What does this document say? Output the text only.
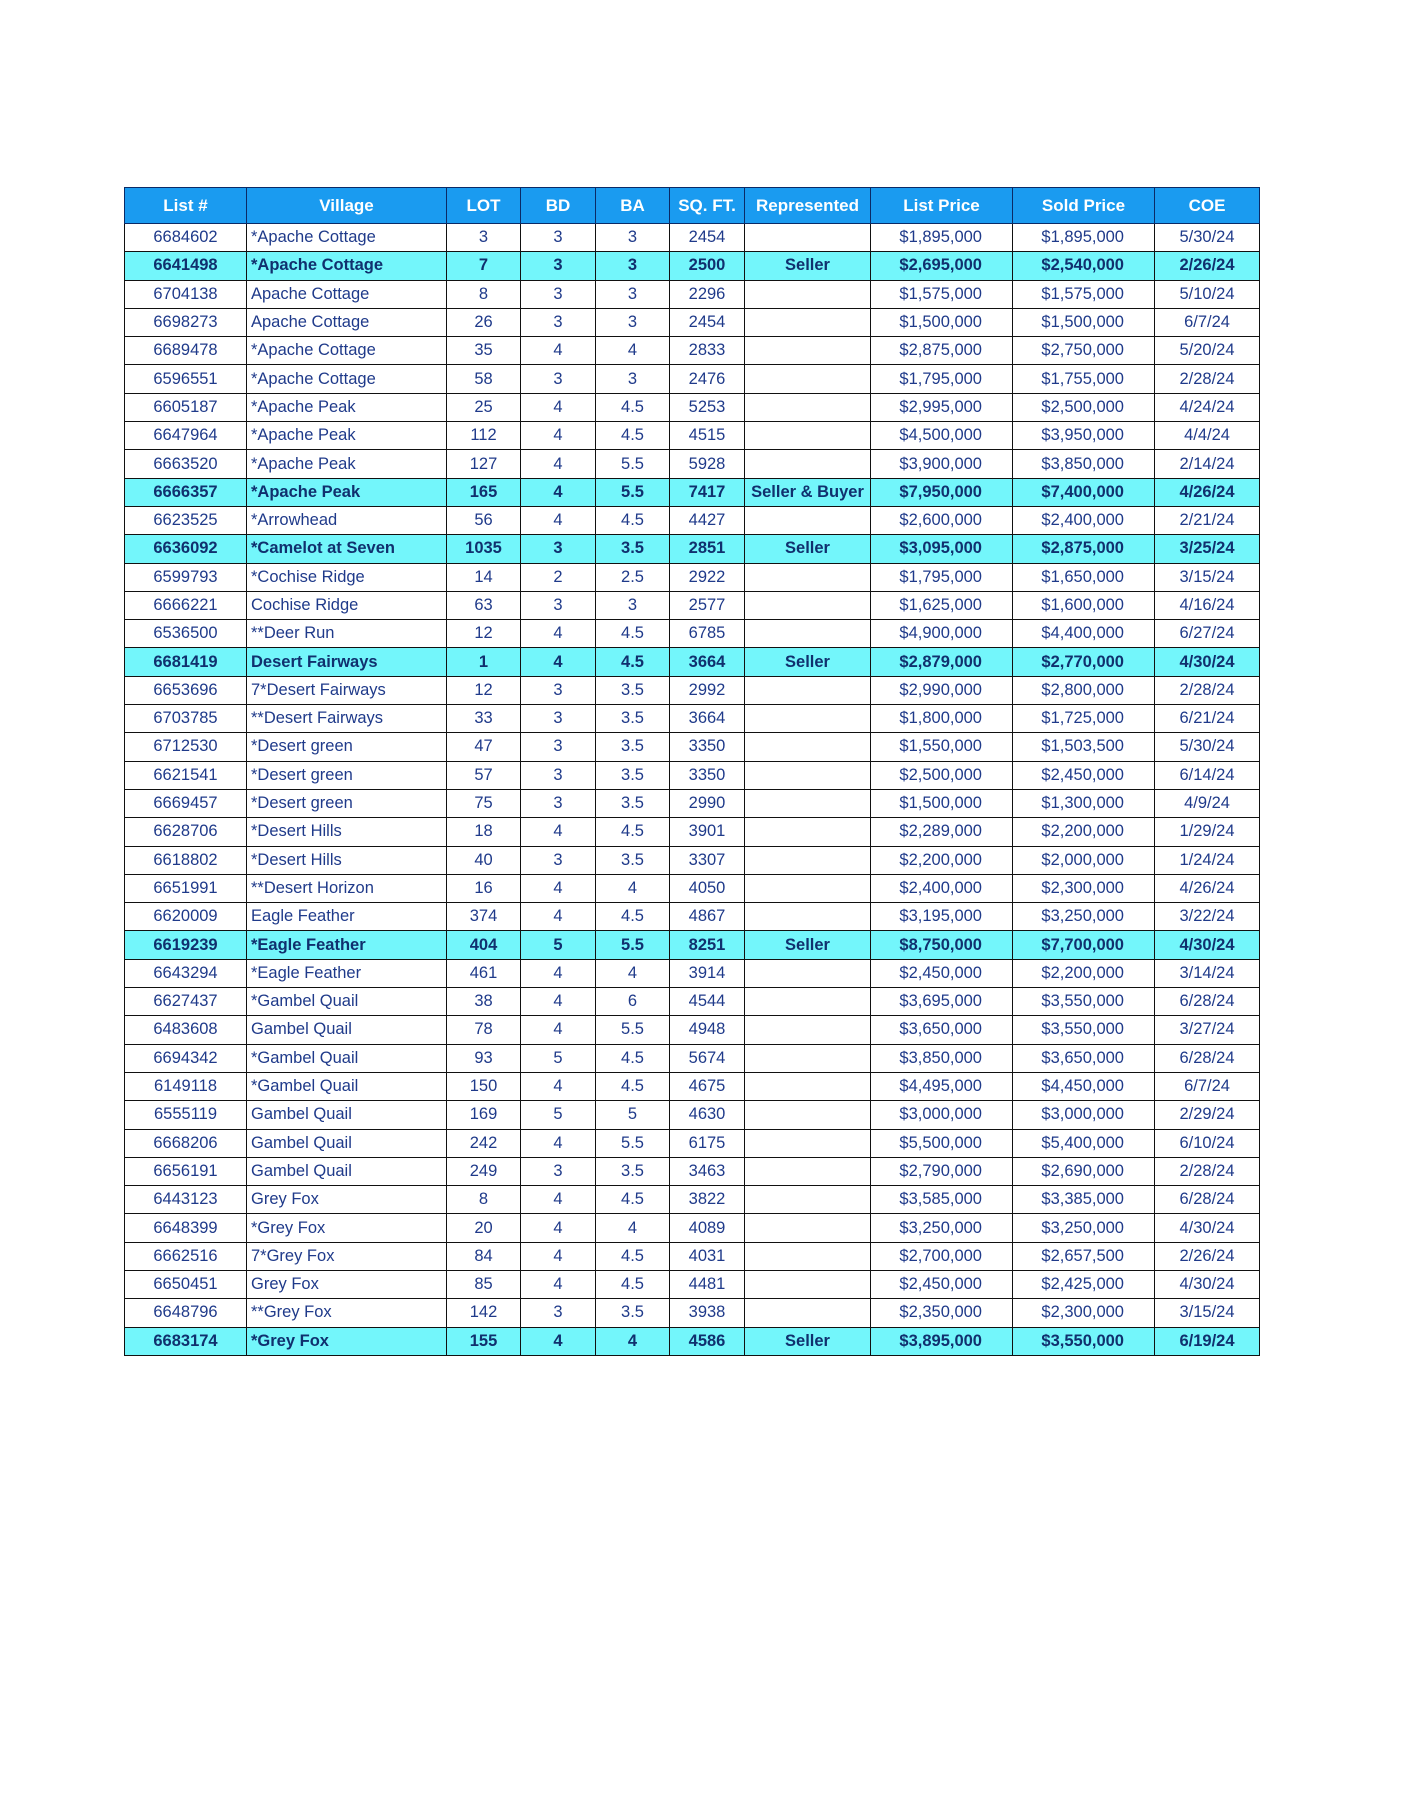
List #	Village	LOT	BD	BA	SQ. FT.	Represented	List Price	Sold Price	COE
6684602	*Apache Cottage	3	3	3	2454		$1,895,000	$1,895,000	5/30/24
6641498	*Apache Cottage	7	3	3	2500	Seller	$2,695,000	$2,540,000	2/26/24
6704138	Apache Cottage	8	3	3	2296		$1,575,000	$1,575,000	5/10/24
6698273	Apache Cottage	26	3	3	2454		$1,500,000	$1,500,000	6/7/24
6689478	*Apache Cottage	35	4	4	2833		$2,875,000	$2,750,000	5/20/24
6596551	*Apache Cottage	58	3	3	2476		$1,795,000	$1,755,000	2/28/24
6605187	*Apache Peak	25	4	4.5	5253		$2,995,000	$2,500,000	4/24/24
6647964	*Apache Peak	112	4	4.5	4515		$4,500,000	$3,950,000	4/4/24
6663520	*Apache Peak	127	4	5.5	5928		$3,900,000	$3,850,000	2/14/24
6666357	*Apache Peak	165	4	5.5	7417	Seller & Buyer	$7,950,000	$7,400,000	4/26/24
6623525	*Arrowhead	56	4	4.5	4427		$2,600,000	$2,400,000	2/21/24
6636092	*Camelot at Seven	1035	3	3.5	2851	Seller	$3,095,000	$2,875,000	3/25/24
6599793	*Cochise Ridge	14	2	2.5	2922		$1,795,000	$1,650,000	3/15/24
6666221	Cochise Ridge	63	3	3	2577		$1,625,000	$1,600,000	4/16/24
6536500	**Deer Run	12	4	4.5	6785		$4,900,000	$4,400,000	6/27/24
6681419	Desert Fairways	1	4	4.5	3664	Seller	$2,879,000	$2,770,000	4/30/24
6653696	7*Desert Fairways	12	3	3.5	2992		$2,990,000	$2,800,000	2/28/24
6703785	**Desert Fairways	33	3	3.5	3664		$1,800,000	$1,725,000	6/21/24
6712530	*Desert green	47	3	3.5	3350		$1,550,000	$1,503,500	5/30/24
6621541	*Desert green	57	3	3.5	3350		$2,500,000	$2,450,000	6/14/24
6669457	*Desert green	75	3	3.5	2990		$1,500,000	$1,300,000	4/9/24
6628706	*Desert Hills	18	4	4.5	3901		$2,289,000	$2,200,000	1/29/24
6618802	*Desert Hills	40	3	3.5	3307		$2,200,000	$2,000,000	1/24/24
6651991	**Desert Horizon	16	4	4	4050		$2,400,000	$2,300,000	4/26/24
6620009	Eagle Feather	374	4	4.5	4867		$3,195,000	$3,250,000	3/22/24
6619239	*Eagle Feather	404	5	5.5	8251	Seller	$8,750,000	$7,700,000	4/30/24
6643294	*Eagle Feather	461	4	4	3914		$2,450,000	$2,200,000	3/14/24
6627437	*Gambel Quail	38	4	6	4544		$3,695,000	$3,550,000	6/28/24
6483608	Gambel Quail	78	4	5.5	4948		$3,650,000	$3,550,000	3/27/24
6694342	*Gambel Quail	93	5	4.5	5674		$3,850,000	$3,650,000	6/28/24
6149118	*Gambel Quail	150	4	4.5	4675		$4,495,000	$4,450,000	6/7/24
6555119	Gambel Quail	169	5	5	4630		$3,000,000	$3,000,000	2/29/24
6668206	Gambel Quail	242	4	5.5	6175		$5,500,000	$5,400,000	6/10/24
6656191	Gambel Quail	249	3	3.5	3463		$2,790,000	$2,690,000	2/28/24
6443123	Grey Fox	8	4	4.5	3822		$3,585,000	$3,385,000	6/28/24
6648399	*Grey Fox	20	4	4	4089		$3,250,000	$3,250,000	4/30/24
6662516	7*Grey Fox	84	4	4.5	4031		$2,700,000	$2,657,500	2/26/24
6650451	Grey Fox	85	4	4.5	4481		$2,450,000	$2,425,000	4/30/24
6648796	**Grey Fox	142	3	3.5	3938		$2,350,000	$2,300,000	3/15/24
6683174	*Grey Fox	155	4	4	4586	Seller	$3,895,000	$3,550,000	6/19/24
